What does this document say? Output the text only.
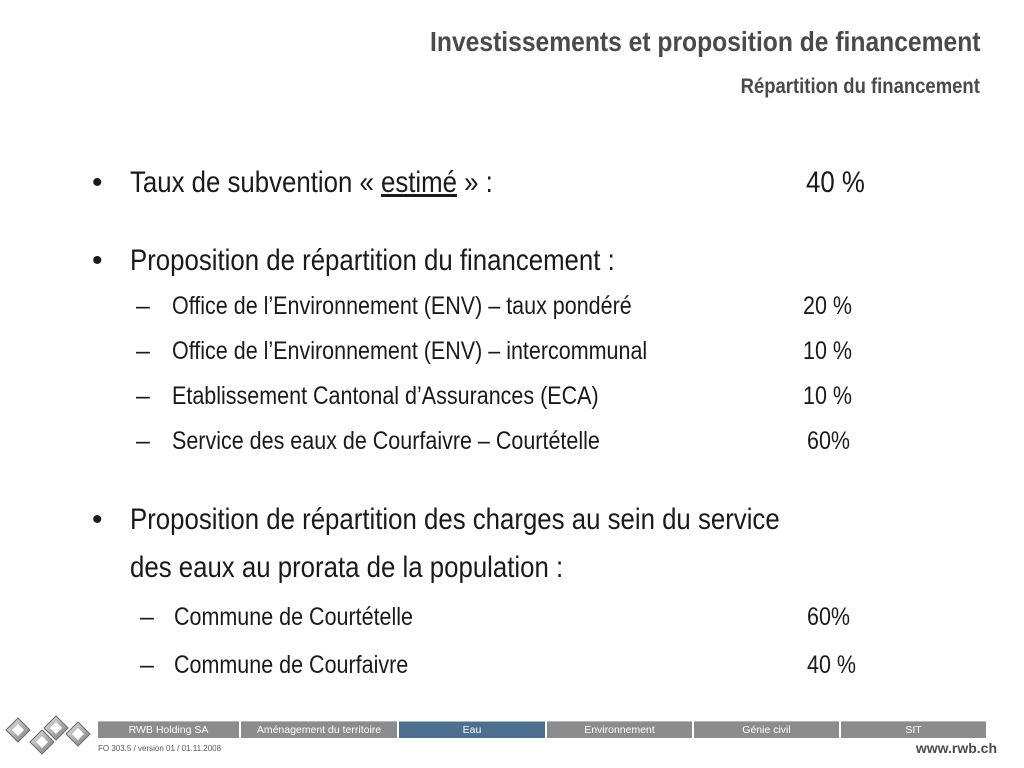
Investissements et proposition de financement
Répartition du financement
• Taux de subvention « estimé » :	40 %
• Proposition de répartition du financement :
– Office de l’Environnement (ENV) – taux pondéré	20 %
– Office de l’Environnement (ENV) – intercommunal	10 %
– Etablissement Cantonal d’Assurances (ECA)	10 %
– Service des eaux de Courfaivre – Courtételle	60%
• Proposition de répartition des charges au sein du service
des eaux au prorata de la population :
– Commune de Courtételle	60%
– Commune de Courfaivre	40 %
RWB Holding SA	Aménagement du territoire	Eau	Environnement	Génie civil	SIT
FO 303.5 / version 01 / 01.11.2008	www.rwb.ch
